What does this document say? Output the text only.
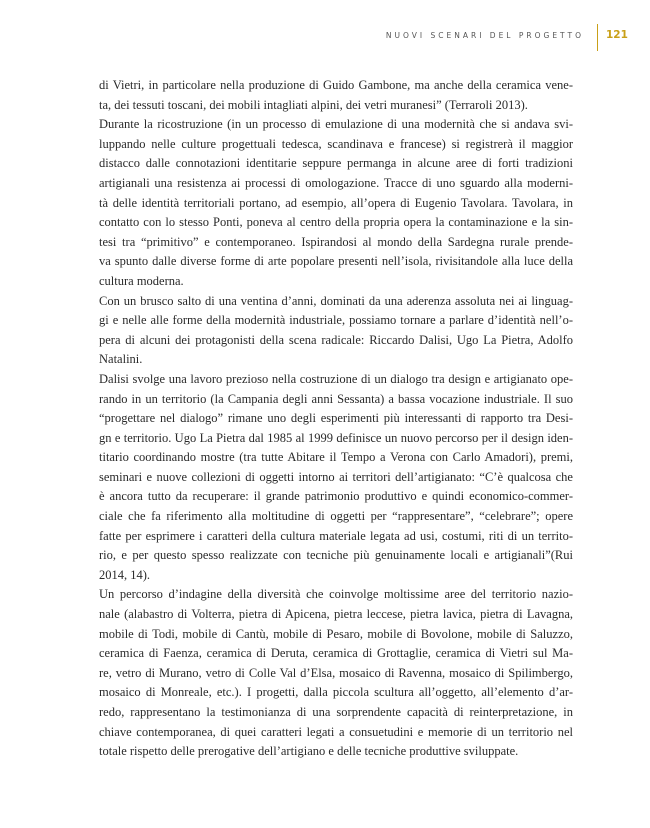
NUOVI SCENARI DEL PROGETTO 121
di Vietri, in particolare nella produzione di Guido Gambone, ma anche della ceramica vene-
ta, dei tessuti toscani, dei mobili intagliati alpini, dei vetri muranesi” (Terraroli 2013).
Durante la ricostruzione (in un processo di emulazione di una modernità che si andava svi-
luppando nelle culture progettuali tedesca, scandinava e francese) si registrerà il maggior
distacco dalle connotazioni identitarie seppure permanga in alcune aree di forti tradizioni
artigianali una resistenza ai processi di omologazione. Tracce di uno sguardo alla moderni-
tà delle identità territoriali portano, ad esempio, all’opera di Eugenio Tavolara. Tavolara, in
contatto con lo stesso Ponti, poneva al centro della propria opera la contaminazione e la sin-
tesi tra “primitivo” e contemporaneo. Ispirandosi al mondo della Sardegna rurale prende-
va spunto dalle diverse forme di arte popolare presenti nell’isola, rivisitandole alla luce della
cultura moderna.
Con un brusco salto di una ventina d’anni, dominati da una aderenza assoluta nei ai linguag-
gi e nelle alle forme della modernità industriale, possiamo tornare a parlare d’identità nell’o-
pera di alcuni dei protagonisti della scena radicale: Riccardo Dalisi, Ugo La Pietra, Adolfo
Natalini.
Dalisi svolge una lavoro prezioso nella costruzione di un dialogo tra design e artigianato ope-
rando in un territorio (la Campania degli anni Sessanta) a bassa vocazione industriale. Il suo
“progettare nel dialogo” rimane uno degli esperimenti più interessanti di rapporto tra Desi-
gn e territorio. Ugo La Pietra dal 1985 al 1999 definisce un nuovo percorso per il design iden-
titario coordinando mostre (tra tutte Abitare il Tempo a Verona con Carlo Amadori), premi,
seminari e nuove collezioni di oggetti intorno ai territori dell’artigianato: “C’è qualcosa che
è ancora tutto da recuperare: il grande patrimonio produttivo e quindi economico-commer-
ciale che fa riferimento alla moltitudine di oggetti per “rappresentare”, “celebrare”; opere
fatte per esprimere i caratteri della cultura materiale legata ad usi, costumi, riti di un territo-
rio, e per questo spesso realizzate con tecniche più genuinamente locali e artigianali”(Rui
2014, 14).
Un percorso d’indagine della diversità che coinvolge moltissime aree del territorio nazio-
nale (alabastro di Volterra, pietra di Apicena, pietra leccese, pietra lavica, pietra di Lavagna,
mobile di Todi, mobile di Cantù, mobile di Pesaro, mobile di Bovolone, mobile di Saluzzo,
ceramica di Faenza, ceramica di Deruta, ceramica di Grottaglie, ceramica di Vietri sul Ma-
re, vetro di Murano, vetro di Colle Val d’Elsa, mosaico di Ravenna, mosaico di Spilimbergo,
mosaico di Monreale, etc.). I progetti, dalla piccola scultura all’oggetto, all’elemento d’ar-
redo, rappresentano la testimonianza di una sorprendente capacità di reinterpretazione, in
chiave contemporanea, di quei caratteri legati a consuetudini e memorie di un territorio nel
totale rispetto delle prerogative dell’artigiano e delle tecniche produttive sviluppate.
